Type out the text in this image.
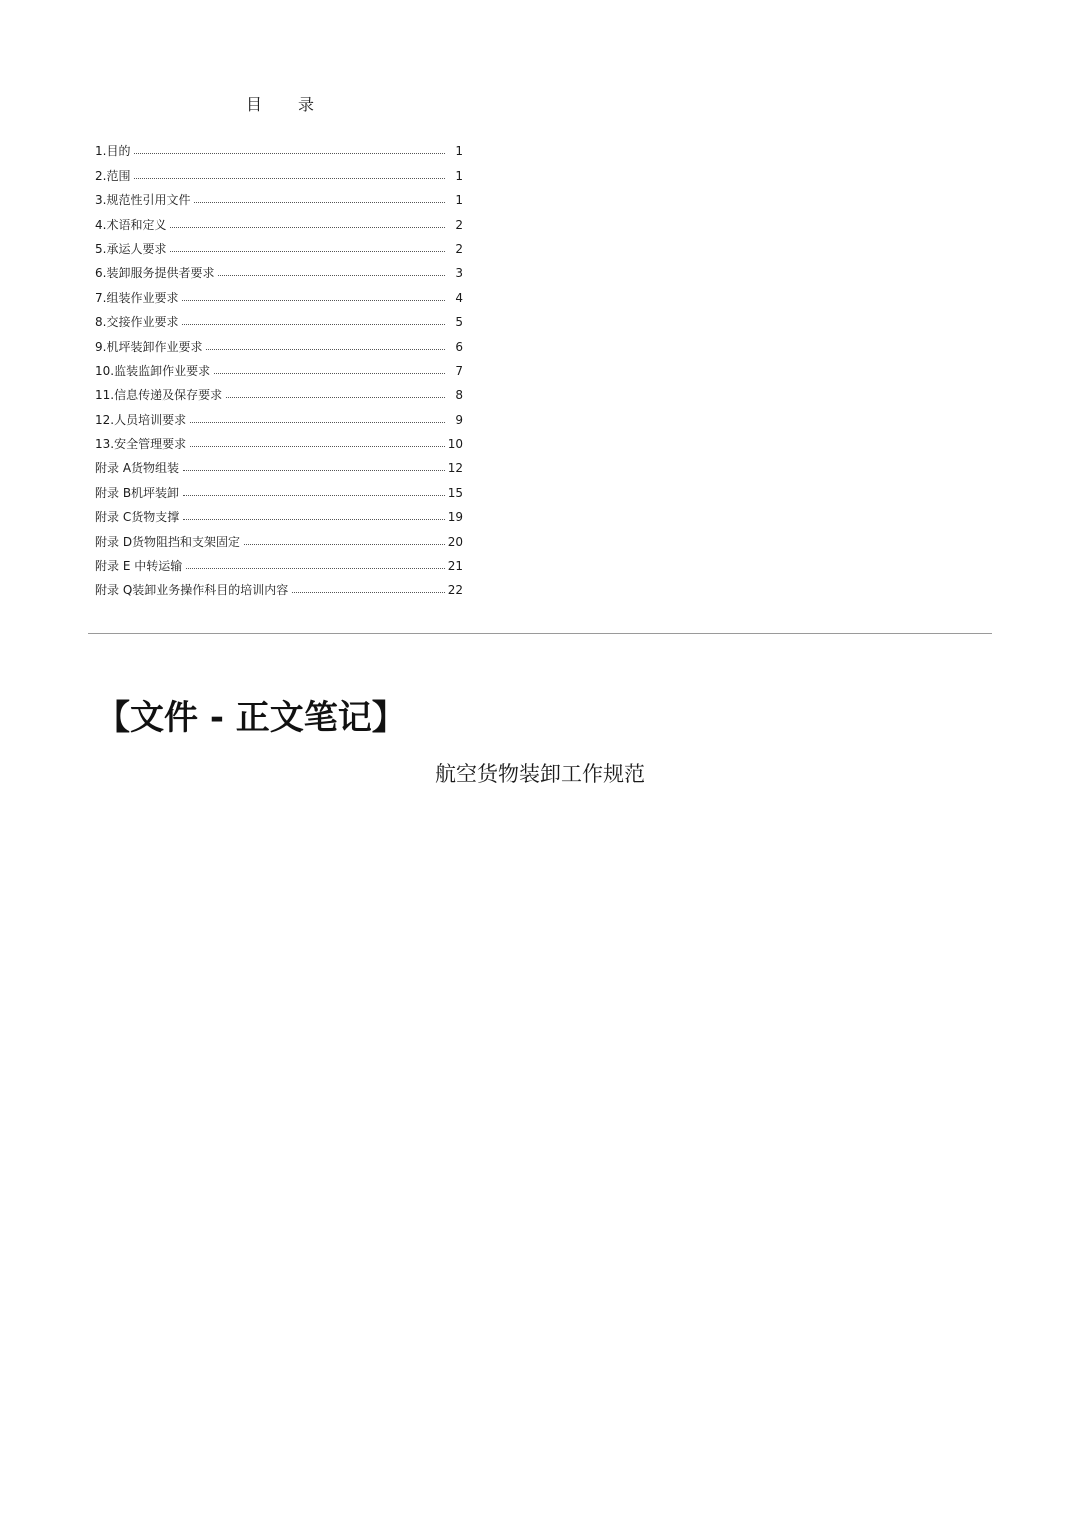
目录
1.目的	1
2.范围	1
3.规范性引用文件	1
4.术语和定义	2
5.承运人要求	2
6.装卸服务提供者要求	3
7.组装作业要求	4
8.交接作业要求	5
9.机坪装卸作业要求	6
10.监装监卸作业要求	7
11.信息传递及保存要求	8
12.人员培训要求	9
13.安全管理要求	10
附录 A货物组装	12
附录 B机坪装卸	15
附录 C货物支撑	19
附录 D货物阻挡和支架固定	20
附录 E 中转运输	21
附录 Q装卸业务操作科目的培训内容	22
【文件 - 正文笔记】
航空货物装卸工作规范
